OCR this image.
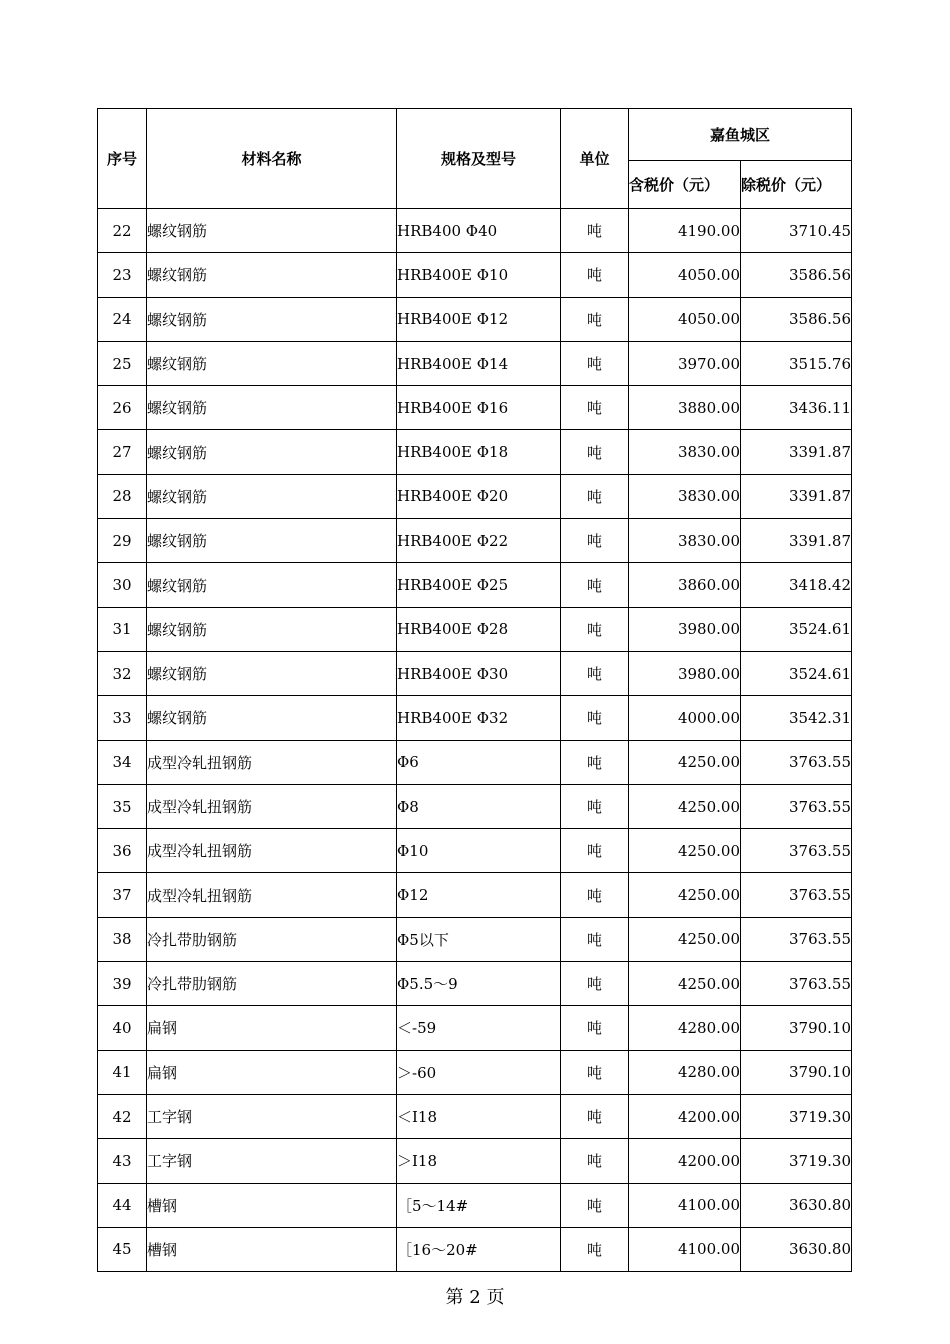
序号	材料名称	规格及型号	单位	嘉鱼城区	
				含税价（元）	除税价（元）
22	螺纹钢筋	HRB400 Φ40	吨	4190.00	3710.45
23	螺纹钢筋	HRB400E Φ10	吨	4050.00	3586.56
24	螺纹钢筋	HRB400E Φ12	吨	4050.00	3586.56
25	螺纹钢筋	HRB400E Φ14	吨	3970.00	3515.76
26	螺纹钢筋	HRB400E Φ16	吨	3880.00	3436.11
27	螺纹钢筋	HRB400E Φ18	吨	3830.00	3391.87
28	螺纹钢筋	HRB400E Φ20	吨	3830.00	3391.87
29	螺纹钢筋	HRB400E Φ22	吨	3830.00	3391.87
30	螺纹钢筋	HRB400E Φ25	吨	3860.00	3418.42
31	螺纹钢筋	HRB400E Φ28	吨	3980.00	3524.61
32	螺纹钢筋	HRB400E Φ30	吨	3980.00	3524.61
33	螺纹钢筋	HRB400E Φ32	吨	4000.00	3542.31
34	成型冷轧扭钢筋	Φ6	吨	4250.00	3763.55
35	成型冷轧扭钢筋	Φ8	吨	4250.00	3763.55
36	成型冷轧扭钢筋	Φ10	吨	4250.00	3763.55
37	成型冷轧扭钢筋	Φ12	吨	4250.00	3763.55
38	冷扎带肋钢筋	Φ5以下	吨	4250.00	3763.55
39	冷扎带肋钢筋	Φ5.5～9	吨	4250.00	3763.55
40	扁钢	＜-59	吨	4280.00	3790.10
41	扁钢	＞-60	吨	4280.00	3790.10
42	工字钢	＜Ⅰ18	吨	4200.00	3719.30
43	工字钢	＞Ⅰ18	吨	4200.00	3719.30
44	槽钢	［5～14#	吨	4100.00	3630.80
45	槽钢	［16～20#	吨	4100.00	3630.80
第 2 页
